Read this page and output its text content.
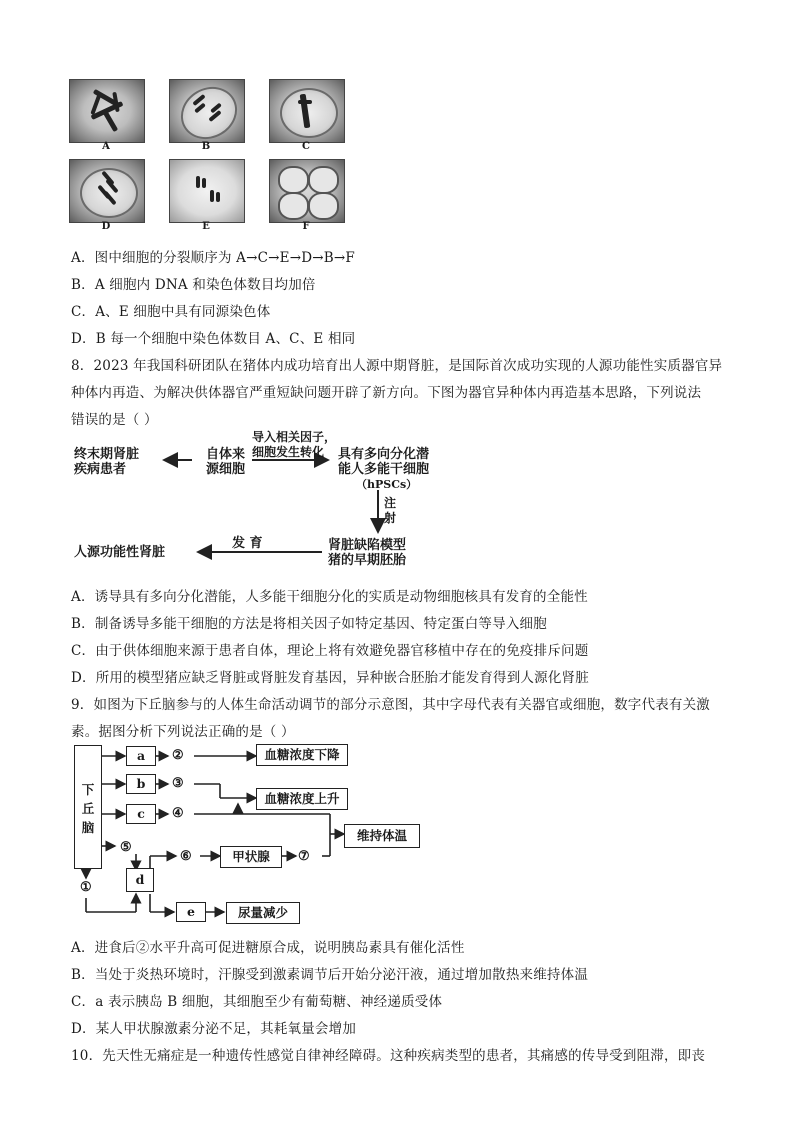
A	B	C
D	E	F
A．图中细胞的分裂顺序为 A→C→E→D→B→F
B．A 细胞内 DNA 和染色体数目均加倍
C．A、E 细胞中具有同源染色体
D．B 每一个细胞中染色体数目 A、C、E 相同
8．2023 年我国科研团队在猪体内成功培育出人源中期肾脏，是国际首次成功实现的人源功能性实质器官异
种体内再造、为解决供体器官严重短缺问题开辟了新方向。下图为器官异种体内再造基本思路，下列说法
错误的是（ ）
终末期肾脏
疾病患者
自体来
源细胞
导入相关因子，
细胞发生转化	具有多向分化潜
能人多能干细胞
（hPSCs）
注
射
肾脏缺陷模型
猪的早期胚胎
发 育
人源功能性肾脏
A．诱导具有多向分化潜能，人多能干细胞分化的实质是动物细胞核具有发育的全能性
B．制备诱导多能干细胞的方法是将相关因子如特定基因、特定蛋白等导入细胞
C．由于供体细胞来源于患者自体，理论上将有效避免器官移植中存在的免疫排斥问题
D．所用的模型猪应缺乏肾脏或肾脏发育基因，异种嵌合胚胎才能发育得到人源化肾脏
9．如图为下丘脑参与的人体生命活动调节的部分示意图，其中字母代表有关器官或细胞，数字代表有关激
素。据图分析下列说法正确的是（ ）
下
丘
脑
a
b
c
d
e
②
③
④
⑤
⑥	⑦
①
血糖浓度下降
血糖浓度上升
维持体温
甲状腺
尿量减少
A．进食后②水平升高可促进糖原合成，说明胰岛素具有催化活性
B．当处于炎热环境时，汗腺受到激素调节后开始分泌汗液，通过增加散热来维持体温
C．a 表示胰岛 B 细胞，其细胞至少有葡萄糖、神经递质受体
D．某人甲状腺激素分泌不足，其耗氧量会增加
10．先天性无痛症是一种遗传性感觉自律神经障碍。这种疾病类型的患者，其痛感的传导受到阻滞，即丧
